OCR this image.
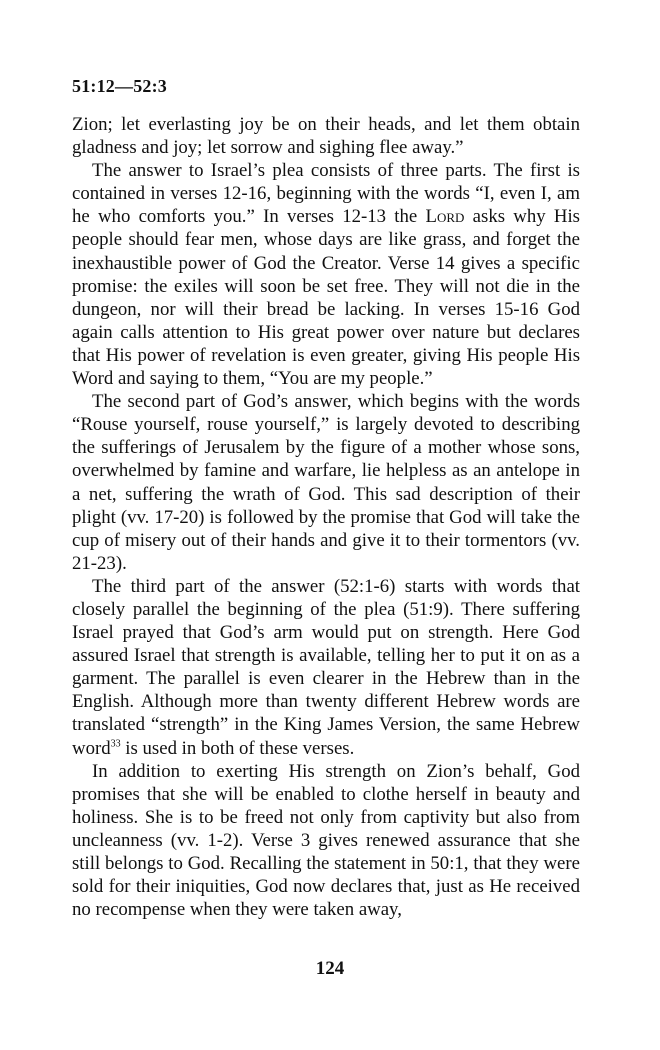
51:12—52:3

Zion; let everlasting joy be on their heads, and let them obtain gladness and joy; let sorrow and sighing flee away.”

The answer to Israel’s plea consists of three parts. The first is contained in verses 12-16, beginning with the words “I, even I, am he who comforts you.” In verses 12-13 the Lord asks why His people should fear men, whose days are like grass, and forget the inexhaustible power of God the Creator. Verse 14 gives a specific promise: the exiles will soon be set free. They will not die in the dungeon, nor will their bread be lacking. In verses 15-16 God again calls attention to His great power over nature but declares that His power of revelation is even greater, giving His people His Word and saying to them, “You are my people.”

The second part of God’s answer, which begins with the words “Rouse yourself, rouse yourself,” is largely devoted to describing the sufferings of Jerusalem by the figure of a mother whose sons, overwhelmed by famine and warfare, lie helpless as an antelope in a net, suffering the wrath of God. This sad description of their plight (vv. 17-20) is followed by the promise that God will take the cup of misery out of their hands and give it to their tormentors (vv. 21-23).

The third part of the answer (52:1-6) starts with words that closely parallel the beginning of the plea (51:9). There suffering Israel prayed that God’s arm would put on strength. Here God assured Israel that strength is available, telling her to put it on as a garment. The parallel is even clearer in the Hebrew than in the English. Although more than twenty different Hebrew words are translated “strength” in the King James Version, the same Hebrew word$^{33}$ is used in both of these verses.

In addition to exerting His strength on Zion’s behalf, God promises that she will be enabled to clothe herself in beauty and holiness. She is to be freed not only from captivity but also from uncleanness (vv. 1-2). Verse 3 gives renewed assurance that she still belongs to God. Recalling the statement in 50:1, that they were sold for their iniquities, God now declares that, just as He received no recompense when they were taken away,

124
